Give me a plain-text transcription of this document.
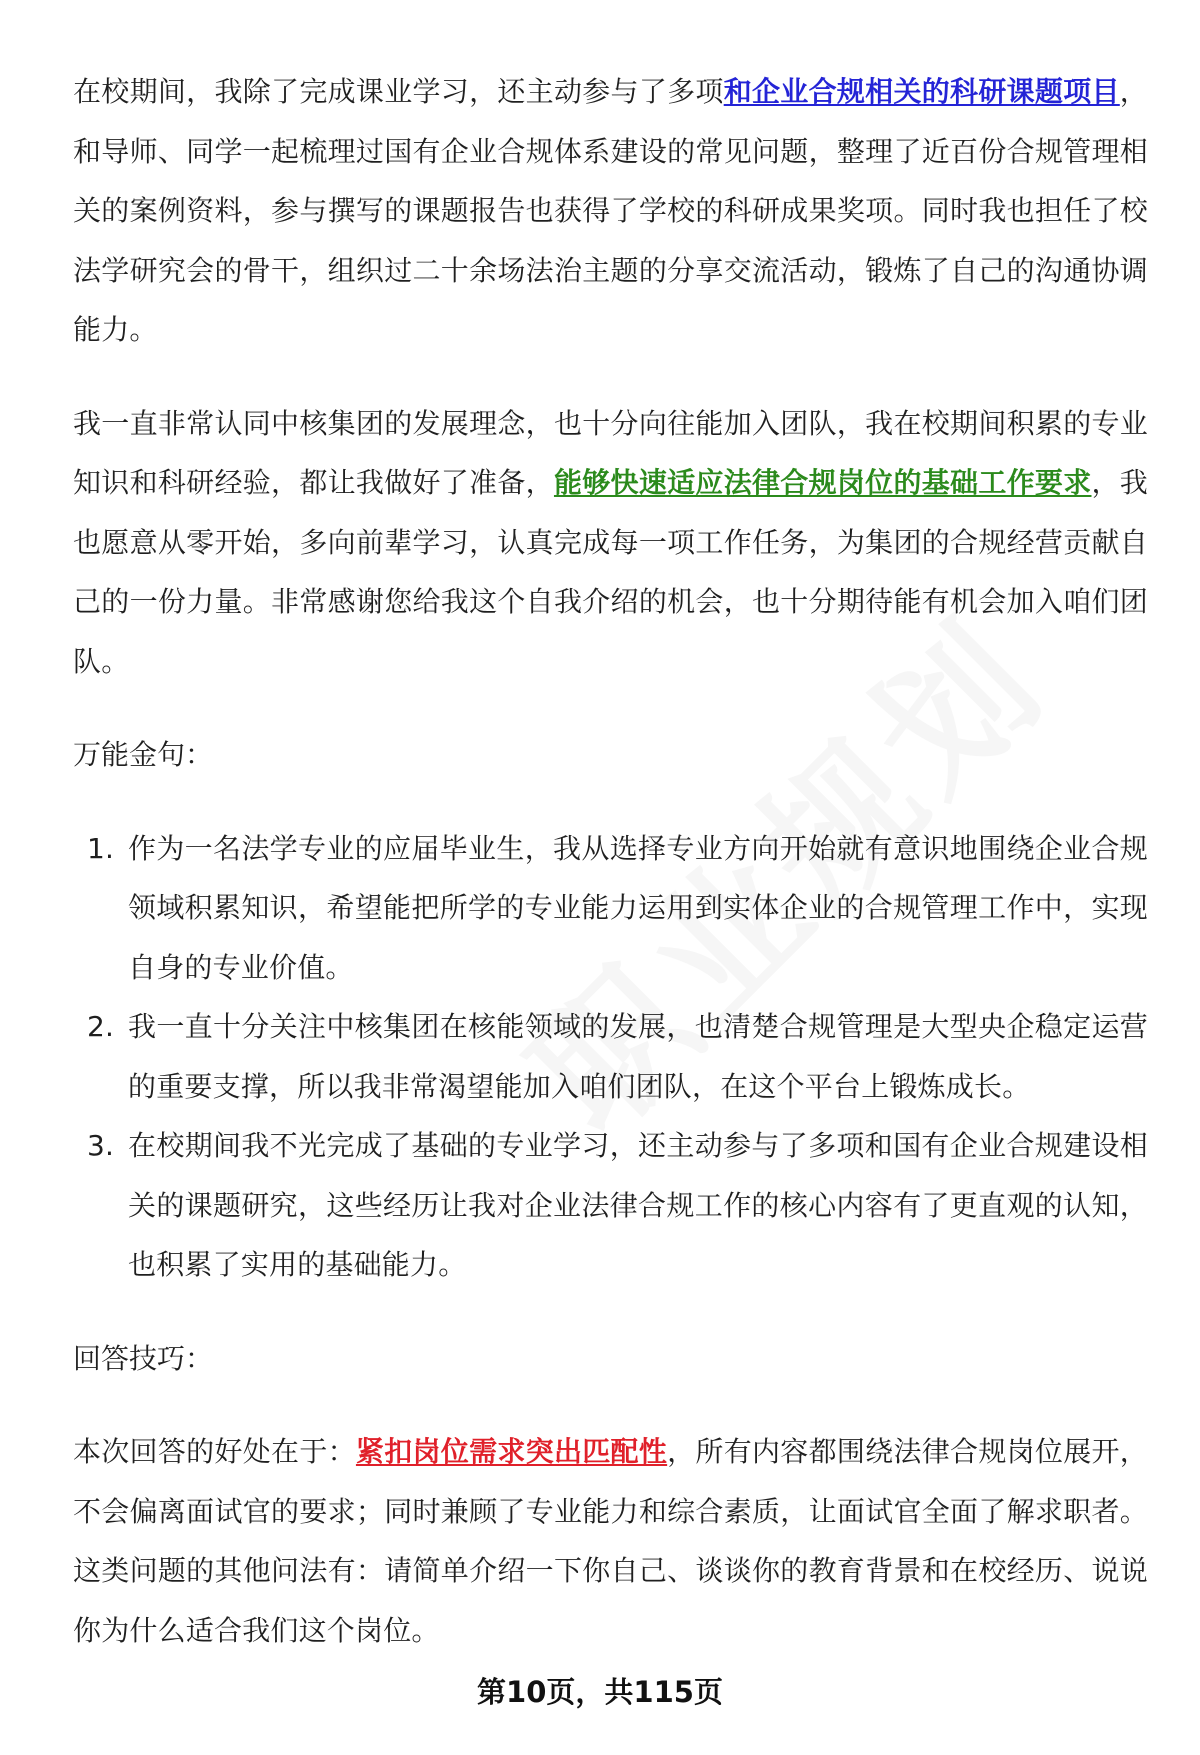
在校期间，我除了完成课业学习，还主动参与了多项和企业合规相关的科研课题项目，和导师、同学一起梳理过国有企业合规体系建设的常见问题，整理了近百份合规管理相关的案例资料，参与撰写的课题报告也获得了学校的科研成果奖项。同时我也担任了校法学研究会的骨干，组织过二十余场法治主题的分享交流活动，锻炼了自己的沟通协调能力。

我一直非常认同中核集团的发展理念，也十分向往能加入团队，我在校期间积累的专业知识和科研经验，都让我做好了准备，能够快速适应法律合规岗位的基础工作要求，我也愿意从零开始，多向前辈学习，认真完成每一项工作任务，为集团的合规经营贡献自己的一份力量。非常感谢您给我这个自我介绍的机会，也十分期待能有机会加入咱们团队。

万能金句：
1. 作为一名法学专业的应届毕业生，我从选择专业方向开始就有意识地围绕企业合规领域积累知识，希望能把所学的专业能力运用到实体企业的合规管理工作中，实现自身的专业价值。
2. 我一直十分关注中核集团在核能领域的发展，也清楚合规管理是大型央企稳定运营的重要支撑，所以我非常渴望能加入咱们团队，在这个平台上锻炼成长。
3. 在校期间我不光完成了基础的专业学习，还主动参与了多项和国有企业合规建设相关的课题研究，这些经历让我对企业法律合规工作的核心内容有了更直观的认知，也积累了实用的基础能力。
回答技巧：

本次回答的好处在于：紧扣岗位需求突出匹配性，所有内容都围绕法律合规岗位展开，不会偏离面试官的要求；同时兼顾了专业能力和综合素质，让面试官全面了解求职者。这类问题的其他问法有：请简单介绍一下你自己、谈谈你的教育背景和在校经历、说说你为什么适合我们这个岗位。

第10页，共115页
